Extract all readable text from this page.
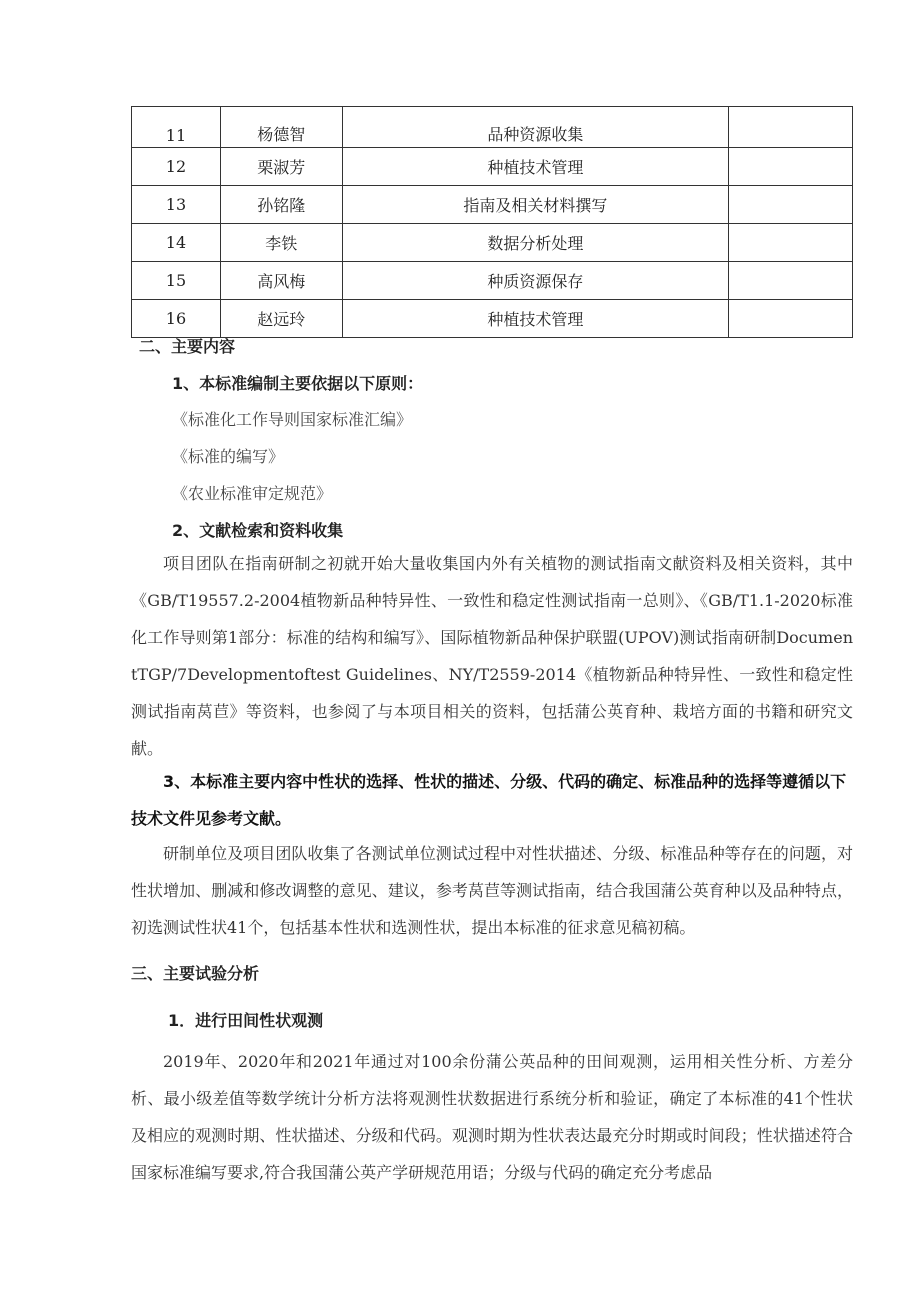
11	杨德智	品种资源收集	
12	栗淑芳	种植技术管理	
13	孙铭隆	指南及相关材料撰写	
14	李铁	数据分析处理	
15	高风梅	种质资源保存	
16	赵远玲	种植技术管理	
二、主要内容
1、本标准编制主要依据以下原则：
《标准化工作导则国家标准汇编》
《标准的编写》
《农业标准审定规范》
2、文献检索和资料收集
项目团队在指南研制之初就开始大量收集国内外有关植物的测试指南文献资料及相关资料，其中《GB/T19557.2-2004植物新品种特异性、一致性和稳定性测试指南一总则》、《GB/T1.1-2020标准化工作导则第1部分：标准的结构和编写》、国际植物新品种保护联盟(UPOV)测试指南研制DocumentTGP/7Developmentoftest Guidelines、NY/T2559-2014《植物新品种特异性、一致性和稳定性测试指南莴苣》等资料，也参阅了与本项目相关的资料，包括蒲公英育种、栽培方面的书籍和研究文献。
3、本标准主要内容中性状的选择、性状的描述、分级、代码的确定、标准品种的选择等遵循以下技术文件见参考文献。
研制单位及项目团队收集了各测试单位测试过程中对性状描述、分级、标准品种等存在的问题，对性状增加、删减和修改调整的意见、建议，参考莴苣等测试指南，结合我国蒲公英育种以及品种特点，初选测试性状41个，包括基本性状和选测性状，提出本标准的征求意见稿初稿。
三、主要试验分析
1．进行田间性状观测
2019年、2020年和2021年通过对100余份蒲公英品种的田间观测，运用相关性分析、方差分析、最小级差值等数学统计分析方法将观测性状数据进行系统分析和验证，确定了本标准的41个性状及相应的观测时期、性状描述、分级和代码。观测时期为性状表达最充分时期或时间段；性状描述符合国家标准编写要求,符合我国蒲公英产学研规范用语；分级与代码的确定充分考虑品
